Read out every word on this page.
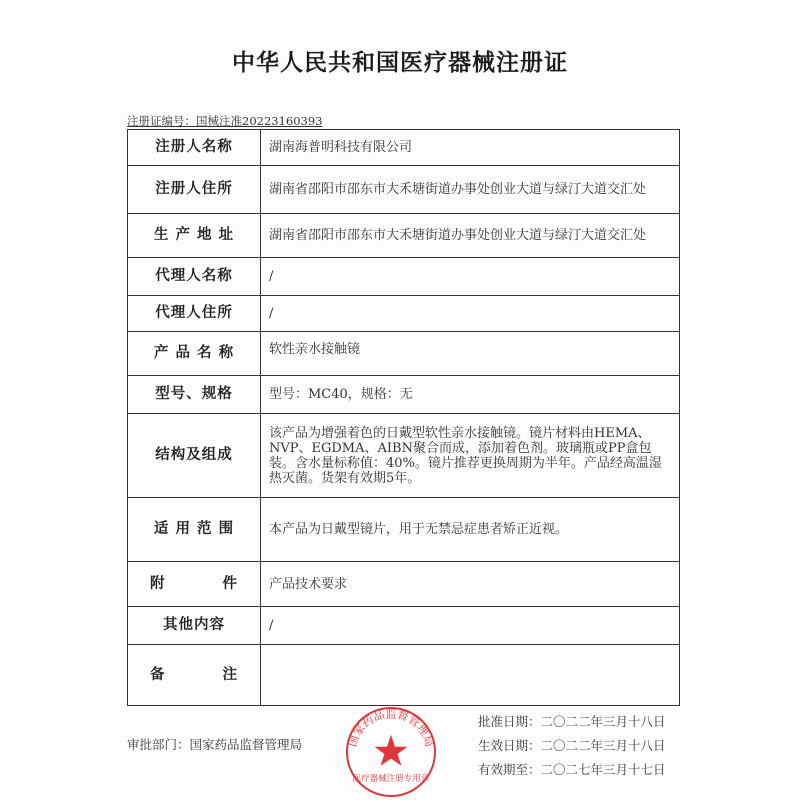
中华人民共和国医疗器械注册证
注册证编号：国械注准20223160393
注册人名称	湖南海普明科技有限公司
注册人住所	湖南省邵阳市邵东市大禾塘街道办事处创业大道与绿汀大道交汇处
生 产 地 址	湖南省邵阳市邵东市大禾塘街道办事处创业大道与绿汀大道交汇处
代理人名称	/
代理人住所	/
产 品 名 称	软性亲水接触镜
型号、规格	型号：MC40，规格：无
结构及组成	该产品为增强着色的日戴型软性亲水接触镜。镜片材料由HEMA、NVP、EGDMA、AIBN聚合而成，添加着色剂。玻璃瓶或PP盒包装。含水量标称值：40%。镜片推荐更换周期为半年。产品经高温湿热灭菌。货架有效期5年。
适 用 范 围	本产品为日戴型镜片，用于无禁忌症患者矫正近视。

附 件	产品技术要求
其他内容	/

备 注	

审批部门：国家药品监督管理局
批准日期：二〇二二年三月十八日
生效日期：二〇二二年三月十八日
有效期至：二〇二七年三月十七日
国家药品监督管理局
医疗器械注册专用章
